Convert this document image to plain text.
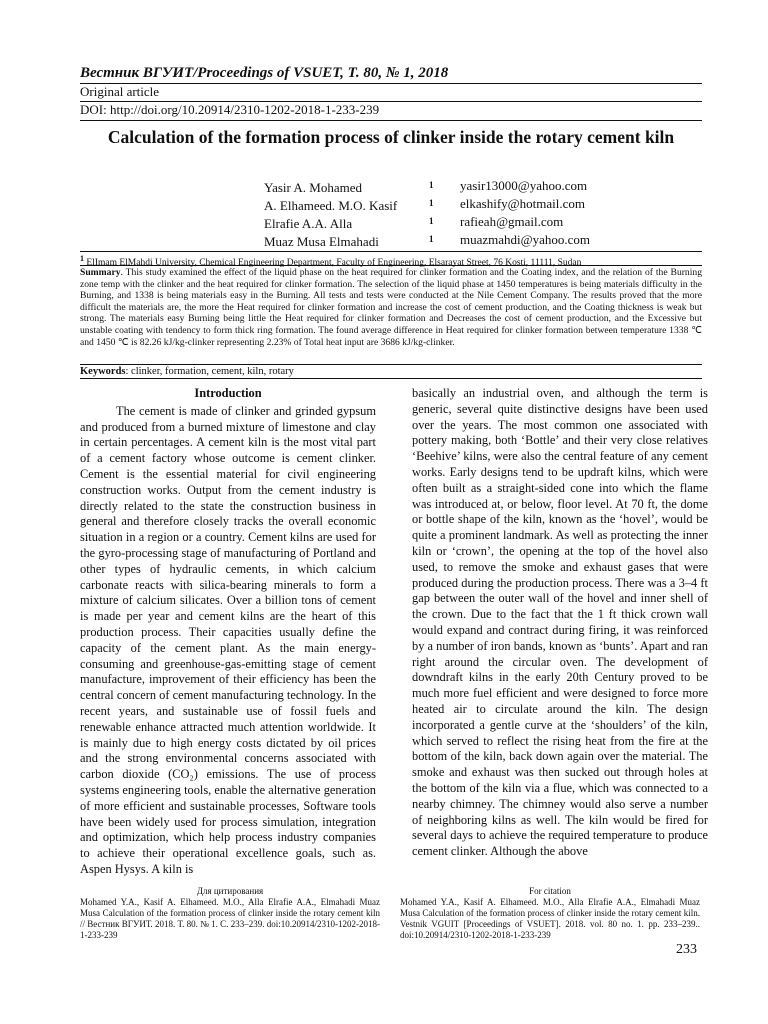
Вестник ВГУИТ/Proceedings of VSUET, Т. 80, № 1, 2018
Original article
DOI: http://doi.org/10.20914/2310-1202-2018-1-233-239
Calculation of the formation process of clinker inside the rotary cement kiln
Yasir A. Mohamed	1 yasir13000@yahoo.com
A. Elhameed. M.O. Kasif	1 elkashify@hotmail.com
Elrafie A.A. Alla	1 rafieah@gmail.com
Muaz Musa Elmahadi	1 muazmahdi@yahoo.com
$^1$ ElImam ElMahdi University, Chemical Engineering Department, Faculty of Engineering, Elsarayat Street, 76 Kosti, 11111, Sudan
Summary. This study examined the effect of the liquid phase on the heat required for clinker formation and the Coating index, and the relation of the Burning zone temp with the clinker and the heat required for clinker formation. The selection of the liquid phase at 1450 temperatures is being materials difficulty in the Burning, and 1338 is being materials easy in the Burning. All tests and tests were conducted at the Nile Cement Company. The results proved that the more difficult the materials are, the more the Heat required for clinker formation and increase the cost of cement production, and the Coating thickness is weak but strong. The materials easy Burning being little the Heat required for clinker formation and Decreases the cost of cement production, and the Excessive but unstable coating with tendency to form thick ring formation. The found average difference in Heat required for clinker formation between temperature 1338 ℃ and 1450 ℃ is 82.26 kJ/kg-clinker representing 2.23% of Total heat input are 3686 kJ/kg-clinker.
Keywords: clinker, formation, cement, kiln, rotary
Introduction

The cement is made of clinker and grinded gypsum and produced from a burned mixture of limestone and clay in certain percentages. A cement kiln is the most vital part of a cement factory whose outcome is cement clinker. Cement is the essential material for civil engineering construction works. Output from the cement industry is directly related to the state the construction business in general and therefore closely tracks the overall economic situation in a region or a country. Cement kilns are used for the gyro-processing stage of manufacturing of Portland and other types of hydraulic cements, in which calcium carbonate reacts with silica-bearing minerals to form a mixture of calcium silicates. Over a billion tons of cement is made per year and cement kilns are the heart of this production process. Their capacities usually define the capacity of the cement plant. As the main energy-consuming and greenhouse-gas-emitting stage of cement manufacture, improvement of their efficiency has been the central concern of cement manufacturing technology. In the recent years, and sustainable use of fossil fuels and renewable enhance attracted much attention worldwide. It is mainly due to high energy costs dictated by oil prices and the strong environmental concerns associated with carbon dioxide (CO₂) emissions. The use of process systems engineering tools, enable the alternative generation of more efficient and sustainable processes, Software tools have been widely used for process simulation, integration and optimization, which help process industry companies to achieve their operational excellence goals, such as. Aspen Hysys. A kiln is

basically an industrial oven, and although the term is generic, several quite distinctive designs have been used over the years. The most common one associated with pottery making, both ‘Bottle’ and their very close relatives ‘Beehive’ kilns, were also the central feature of any cement works. Early designs tend to be updraft kilns, which were often built as a straight-sided cone into which the flame was introduced at, or below, floor level. At 70 ft, the dome or bottle shape of the kiln, known as the ‘hovel’, would be quite a prominent landmark. As well as protecting the inner kiln or ‘crown’, the opening at the top of the hovel also used, to remove the smoke and exhaust gases that were produced during the production process. There was a 3–4 ft gap between the outer wall of the hovel and inner shell of the crown. Due to the fact that the 1 ft thick crown wall would expand and contract during firing, it was reinforced by a number of iron bands, known as ‘bunts’. Apart and ran right around the circular oven. The development of downdraft kilns in the early 20th Century proved to be much more fuel efficient and were designed to force more heated air to circulate around the kiln. The design incorporated a gentle curve at the ‘shoulders’ of the kiln, which served to reflect the rising heat from the fire at the bottom of the kiln, back down again over the material. The smoke and exhaust was then sucked out through holes at the bottom of the kiln via a flue, which was connected to a nearby chimney. The chimney would also serve a number of neighboring kilns as well. The kiln would be fired for several days to achieve the required temperature to produce cement clinker. Although the above

Для цитирования
Mohamed Y.A., Kasif A. Elhameed. M.O., Alla Elrafie A.A., Elmahadi Muaz Musa Calculation of the formation process of clinker inside the rotary cement kiln // Вестник ВГУИТ. 2018. Т. 80. № 1. С. 233–239. doi:10.20914/2310-1202-2018-1-233-239
For citation
Mohamed Y.A., Kasif A. Elhameed. M.O., Alla Elrafie A.A., Elmahadi Muaz Musa Calculation of the formation process of clinker inside the rotary cement kiln. Vestnik VGUIT [Proceedings of VSUET]. 2018. vol. 80 no. 1. pp. 233–239.. doi:10.20914/2310-1202-2018-1-233-239
233
